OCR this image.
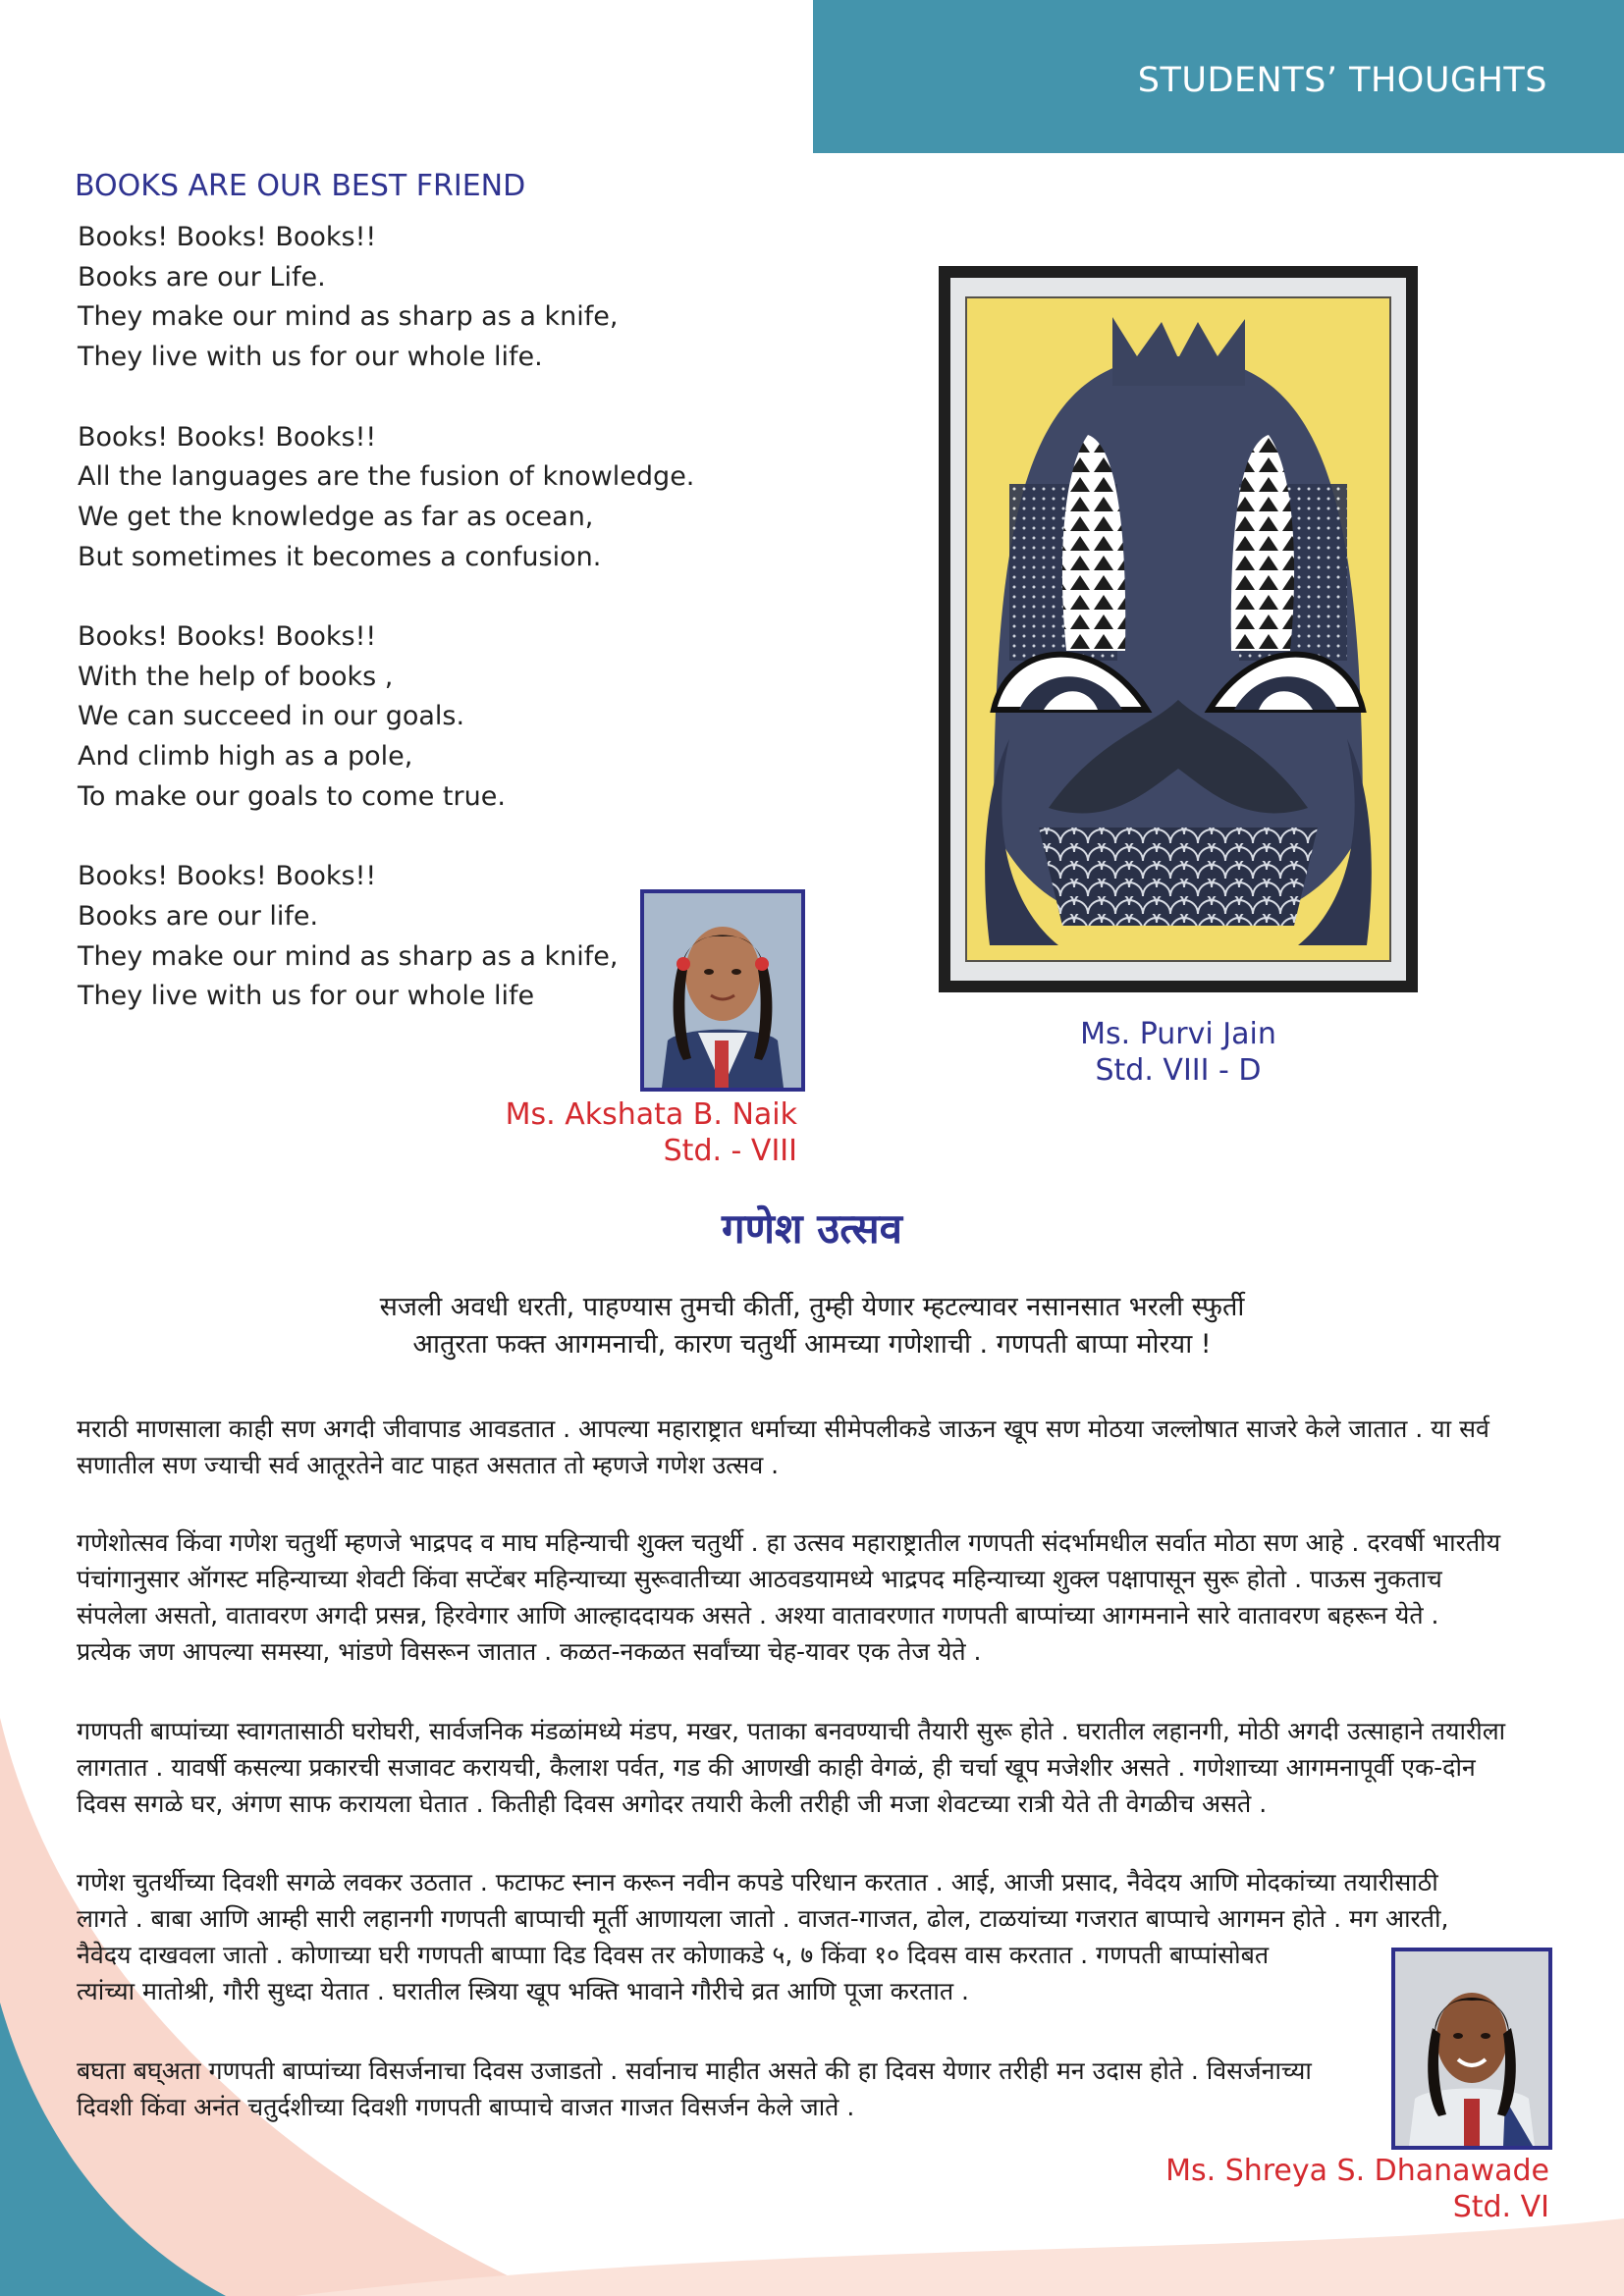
STUDENTS’ THOUGHTS
BOOKS ARE OUR BEST FRIEND

Books! Books! Books!!
Books are our Life.
They make our mind as sharp as a knife,
They live with us for our whole life.

Books! Books! Books!!
All the languages are the fusion of knowledge.
We get the knowledge as far as ocean,
But sometimes it becomes a confusion.

Books! Books! Books!!
With the help of books ,
We can succeed in our goals.
And climb high as a pole,
To make our goals to come true.

Books! Books! Books!!
Books are our life.
They make our mind as sharp as a knife,
They live with us for our whole life

Ms. Akshata B. Naik
Std. - VIII
Ms. Purvi Jain
Std. VIII - D
गणेश उत्सव
सजली अवधी धरती, पाहण्यास तुमची कीर्ती, तुम्ही येणार म्हटल्यावर नसानसात भरली स्फुर्ती
आतुरता फक्त आगमनाची, कारण चतुर्थी आमच्या गणेशाची . गणपती बाप्पा मोरया !

मराठी माणसाला काही सण अगदी जीवापाड आवडतात . आपल्या महाराष्ट्रात धर्माच्या सीमेपलीकडे जाऊन खूप सण मोठया जल्लोषात साजरे केले जातात . या सर्व
सणातील सण ज्याची सर्व आतूरतेने वाट पाहत असतात तो म्हणजे गणेश उत्सव .

गणेशोत्सव किंवा गणेश चतुर्थी म्हणजे भाद्रपद व माघ महिन्याची शुक्ल चतुर्थी . हा उत्सव महाराष्ट्रातील गणपती संदर्भामधील सर्वात मोठा सण आहे . दरवर्षी भारतीय
पंचांगानुसार ऑगस्ट महिन्याच्या शेवटी किंवा सप्टेंबर महिन्याच्या सुरूवातीच्या आठवडयामध्ये भाद्रपद महिन्याच्या शुक्ल पक्षापासून सुरू होतो . पाऊस नुकताच
संपलेला असतो, वातावरण अगदी प्रसन्न, हिरवेगार आणि आल्हाददायक असते . अश्या वातावरणात गणपती बाप्पांच्या आगमनाने सारे वातावरण बहरून येते .
प्रत्येक जण आपल्या समस्या, भांडणे विसरून जातात . कळत-नकळत सर्वांच्या चेह-यावर एक तेज येते .

गणपती बाप्पांच्या स्वागतासाठी घरोघरी, सार्वजनिक मंडळांमध्ये मंडप, मखर, पताका बनवण्याची तैयारी सुरू होते . घरातील लहानगी, मोठी अगदी उत्साहाने तयारीला
लागतात . यावर्षी कसल्या प्रकारची सजावट करायची, कैलाश पर्वत, गड की आणखी काही वेगळं, ही चर्चा खूप मजेशीर असते . गणेशाच्या आगमनापूर्वी एक-दोन
दिवस सगळे घर, अंगण साफ करायला घेतात . कितीही दिवस अगोदर तयारी केली तरीही जी मजा शेवटच्या रात्री येते ती वेगळीच असते .

गणेश चुतर्थीच्या दिवशी सगळे लवकर उठतात . फटाफट स्नान करून नवीन कपडे परिधान करतात . आई, आजी प्रसाद, नैवेदय आणि मोदकांच्या तयारीसाठी
लागते . बाबा आणि आम्ही सारी लहानगी गणपती बाप्पाची मूर्ती आणायला जातो . वाजत-गाजत, ढोल, टाळयांच्या गजरात बाप्पाचे आगमन होते . मग आरती,
नैवेदय दाखवला जातो . कोणाच्या घरी गणपती बाप्पाा दिड दिवस तर कोणाकडे ५, ७ किंवा १० दिवस वास करतात . गणपती बाप्पांसोबत
त्यांच्या मातोश्री, गौरी सुध्दा येतात . घरातील स्त्रिया खूप भक्ति भावाने गौरीचे व्रत आणि पूजा करतात .

बघता बघ्अता गणपती बाप्पांच्या विसर्जनाचा दिवस उजाडतो . सर्वानाच माहीत असते की हा दिवस येणार तरीही मन उदास होते . विसर्जनाच्या
दिवशी किंवा अनंत चतुर्दशीच्या दिवशी गणपती बाप्पाचे वाजत गाजत विसर्जन केले जाते .

Ms. Shreya S. Dhanawade
Std. VI
